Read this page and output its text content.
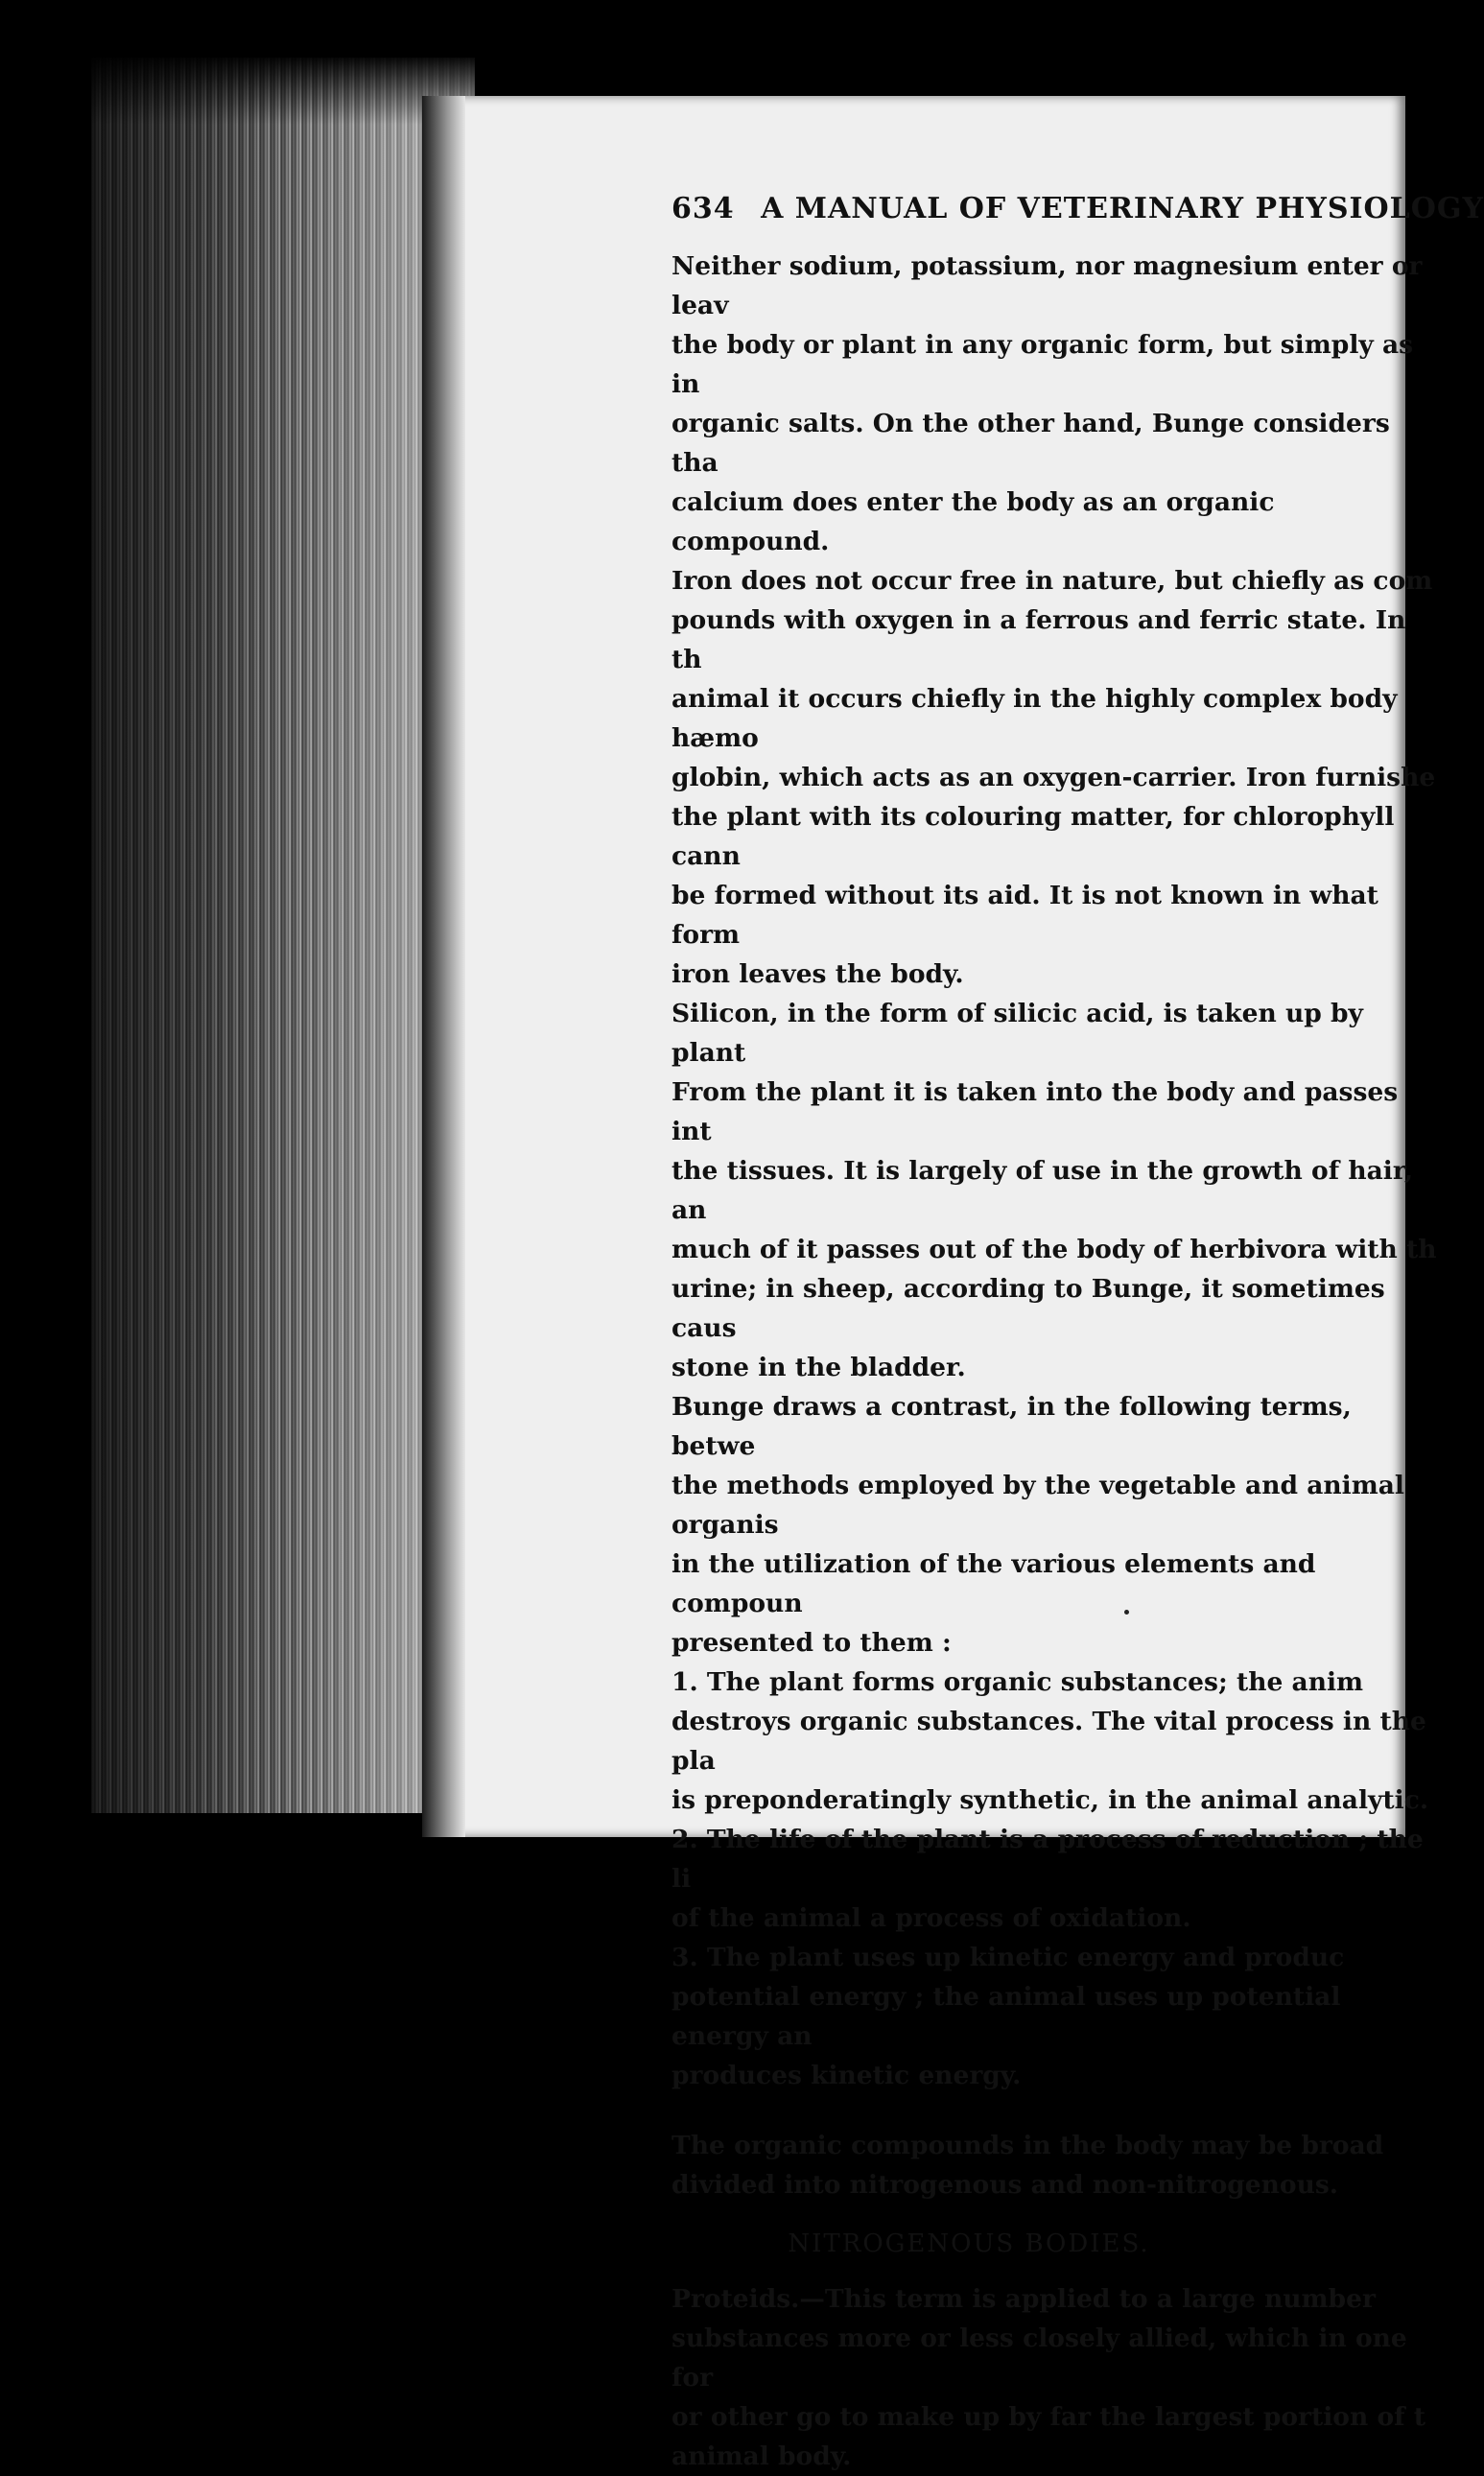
634 A MANUAL OF VETERINARY PHYSIOLOGY

Neither sodium, potassium, nor magnesium enter or leav
the body or plant in any organic form, but simply as in
organic salts. On the other hand, Bunge considers tha
calcium does enter the body as an organic compound.

Iron does not occur free in nature, but chiefly as com
pounds with oxygen in a ferrous and ferric state. In th
animal it occurs chiefly in the highly complex body hæmo
globin, which acts as an oxygen-carrier. Iron furnishe
the plant with its colouring matter, for chlorophyll cann
be formed without its aid. It is not known in what form
iron leaves the body.

Silicon, in the form of silicic acid, is taken up by plant
From the plant it is taken into the body and passes int
the tissues. It is largely of use in the growth of hair, an
much of it passes out of the body of herbivora with th
urine; in sheep, according to Bunge, it sometimes caus
stone in the bladder.

Bunge draws a contrast, in the following terms, betwe
the methods employed by the vegetable and animal organis
in the utilization of the various elements and compoun
presented to them :

1. The plant forms organic substances; the anim
destroys organic substances. The vital process in the pla
is preponderatingly synthetic, in the animal analytic.

2. The life of the plant is a process of reduction ; the li
of the animal a process of oxidation.

3. The plant uses up kinetic energy and produc
potential energy ; the animal uses up potential energy an
produces kinetic energy.

The organic compounds in the body may be broad
divided into nitrogenous and non-nitrogenous.

NITROGENOUS BODIES.

Proteids.—This term is applied to a large number
substances more or less closely allied, which in one for
or other go to make up by far the largest portion of t
animal body.
